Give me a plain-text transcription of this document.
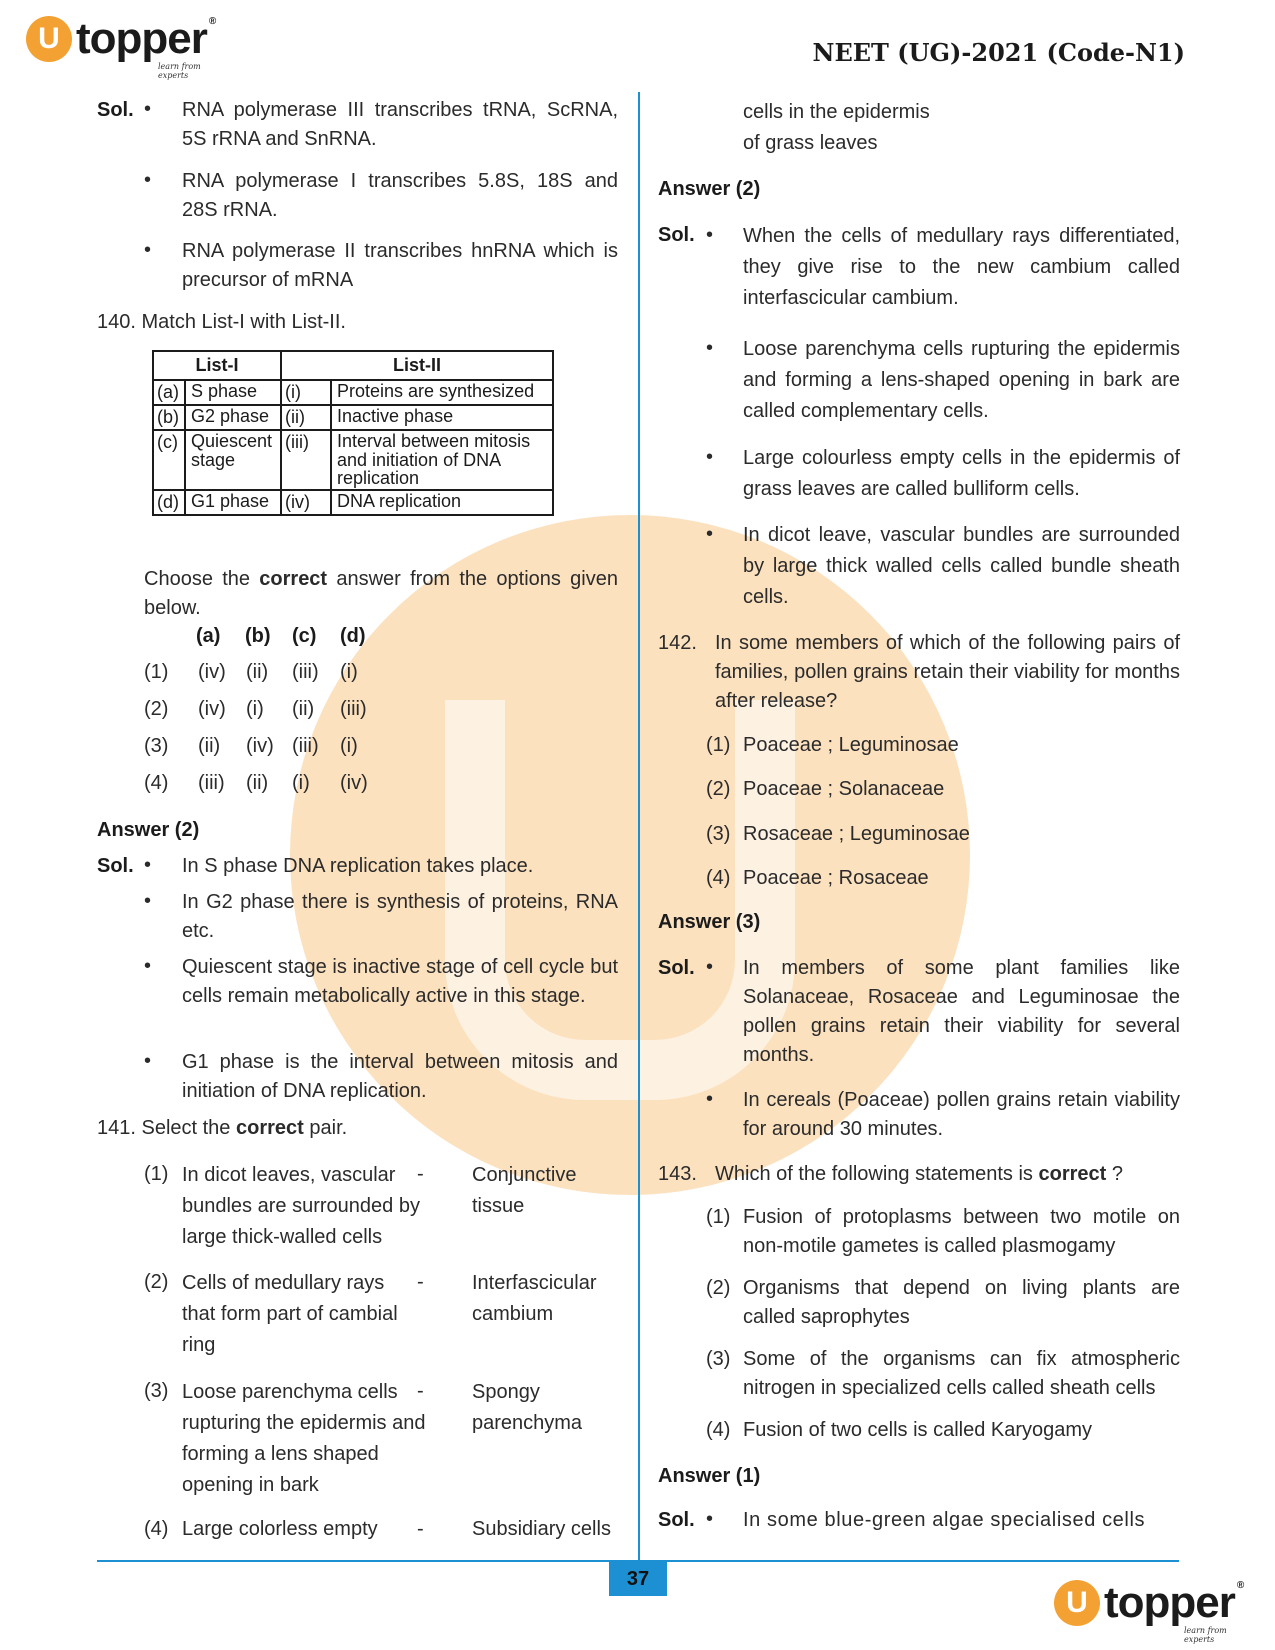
U topper ®
learn from experts
NEET (UG)-2021 (Code-N1)
Sol. • RNA polymerase III transcribes tRNA, ScRNA, 5S rRNA and SnRNA.
• RNA polymerase I transcribes 5.8S, 18S and 28S rRNA.
• RNA polymerase II transcribes hnRNA which is precursor of mRNA
140. Match List-I with List-II.
List-I		List-II	
(a)	S phase	(i)	Proteins are synthesized
(b)	G2 phase	(ii)	Inactive phase
(c)	Quiescent stage	(iii)	Interval between mitosis and initiation of DNA replication
(d)	G1 phase	(iv)	DNA replication
Choose the correct answer from the options given below.
(a) (b) (c) (d)
(1) (iv) (ii) (iii) (i)
(2) (iv) (i) (ii) (iii)
(3) (ii) (iv) (iii) (i)
(4) (iii) (ii) (i) (iv)
Answer (2)
Sol. • In S phase DNA replication takes place.
• In G2 phase there is synthesis of proteins, RNA etc.
• Quiescent stage is inactive stage of cell cycle but cells remain metabolically active in this stage.
• G1 phase is the interval between mitosis and initiation of DNA replication.
141. Select the correct pair.
(1) In dicot leaves, vascular bundles are surrounded by large thick-walled cells
- Conjunctive tissue
(2) Cells of medullary rays that form part of cambial ring
- Interfascicular cambium
(3) Loose parenchyma cells rupturing the epidermis and forming a lens shaped opening in bark
- Spongy parenchyma
(4) Large colorless empty	- Subsidiary cells
cells in the epidermis
of grass leaves
Answer (2)
Sol. • When the cells of medullary rays differentiated, they give rise to the new cambium called interfascicular cambium.
• Loose parenchyma cells rupturing the epidermis and forming a lens-shaped opening in bark are called complementary cells.
• Large colourless empty cells in the epidermis of grass leaves are called bulliform cells.
• In dicot leave, vascular bundles are surrounded by large thick walled cells called bundle sheath cells.
142. In some members of which of the following pairs of families, pollen grains retain their viability for months after release?
(1) Poaceae ; Leguminosae
(2) Poaceae ; Solanaceae
(3) Rosaceae ; Leguminosae
(4) Poaceae ; Rosaceae
Answer (3)
Sol. • In members of some plant families like Solanaceae, Rosaceae and Leguminosae the pollen grains retain their viability for several months.
• In cereals (Poaceae) pollen grains retain viability for around 30 minutes.
143. Which of the following statements is correct ?
(1) Fusion of protoplasms between two motile on non-motile gametes is called plasmogamy
(2) Organisms that depend on living plants are called saprophytes
(3) Some of the organisms can fix atmospheric nitrogen in specialized cells called sheath cells
(4) Fusion of two cells is called Karyogamy
Answer (1)
Sol. • In some blue-green algae specialised cells
37
U topper ®
learn from experts
